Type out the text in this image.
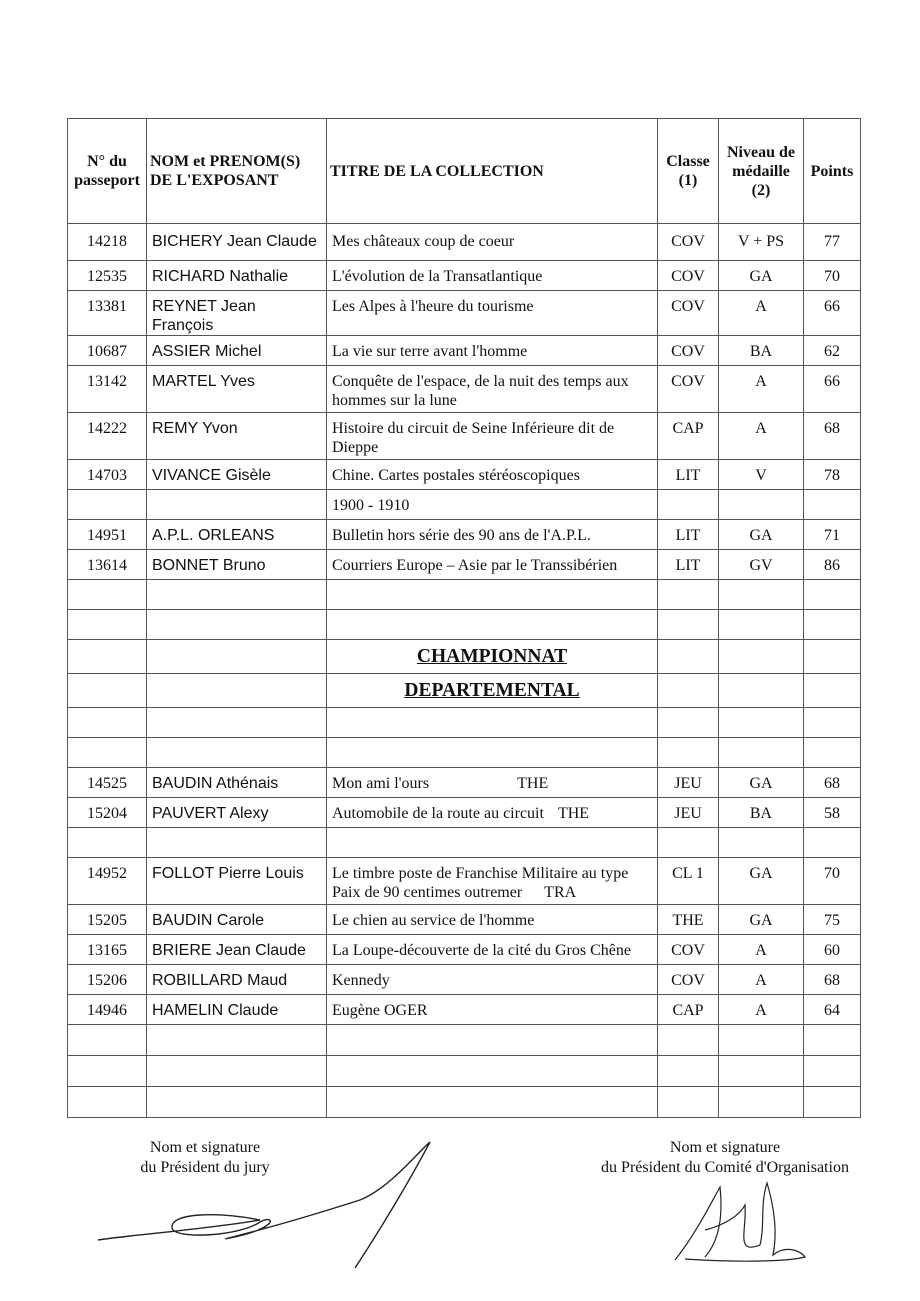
N° du passeport	NOM et PRENOM(S) DE L'EXPOSANT	TITRE DE LA COLLECTION	Classe (1)	Niveau de médaille (2)	Points
14218	BICHERY Jean Claude	Mes châteaux coup de coeur	COV	V + PS	77
12535	RICHARD Nathalie	L'évolution de la Transatlantique	COV	GA	70
13381	REYNET Jean François	Les Alpes à l'heure du tourisme	COV	A	66
10687	ASSIER Michel	La vie sur terre avant l'homme	COV	BA	62
13142	MARTEL Yves	Conquête de l'espace, de la nuit des temps aux hommes sur la lune	COV	A	66
14222	REMY Yvon	Histoire du circuit de Seine Inférieure dit de Dieppe	CAP	A	68
14703	VIVANCE Gisèle	Chine. Cartes postales stéréoscopiques	LIT	V	78
		1900 - 1910			
14951	A.P.L. ORLEANS	Bulletin hors série des 90 ans de l'A.P.L.	LIT	GA	71
13614	BONNET Bruno	Courriers Europe – Asie par le Transsibérien	LIT	GV	86

		CHAMPIONNAT			
		DEPARTEMENTAL			

14525	BAUDIN Athénais	Mon ami l'ours THE	JEU	GA	68
15204	PAUVERT Alexy	Automobile de la route au circuit THE	JEU	BA	58

14952	FOLLOT Pierre Louis	Le timbre poste de Franchise Militaire au type Paix de 90 centimes outremer TRA	CL 1	GA	70
15205	BAUDIN Carole	Le chien au service de l'homme	THE	GA	75
13165	BRIERE Jean Claude	La Loupe-découverte de la cité du Gros Chêne	COV	A	60
15206	ROBILLARD Maud	Kennedy	COV	A	68
14946	HAMELIN Claude	Eugène OGER	CAP	A	64

Nom et signature
du Président du jury
Nom et signature
du Président du Comité d'Organisation
